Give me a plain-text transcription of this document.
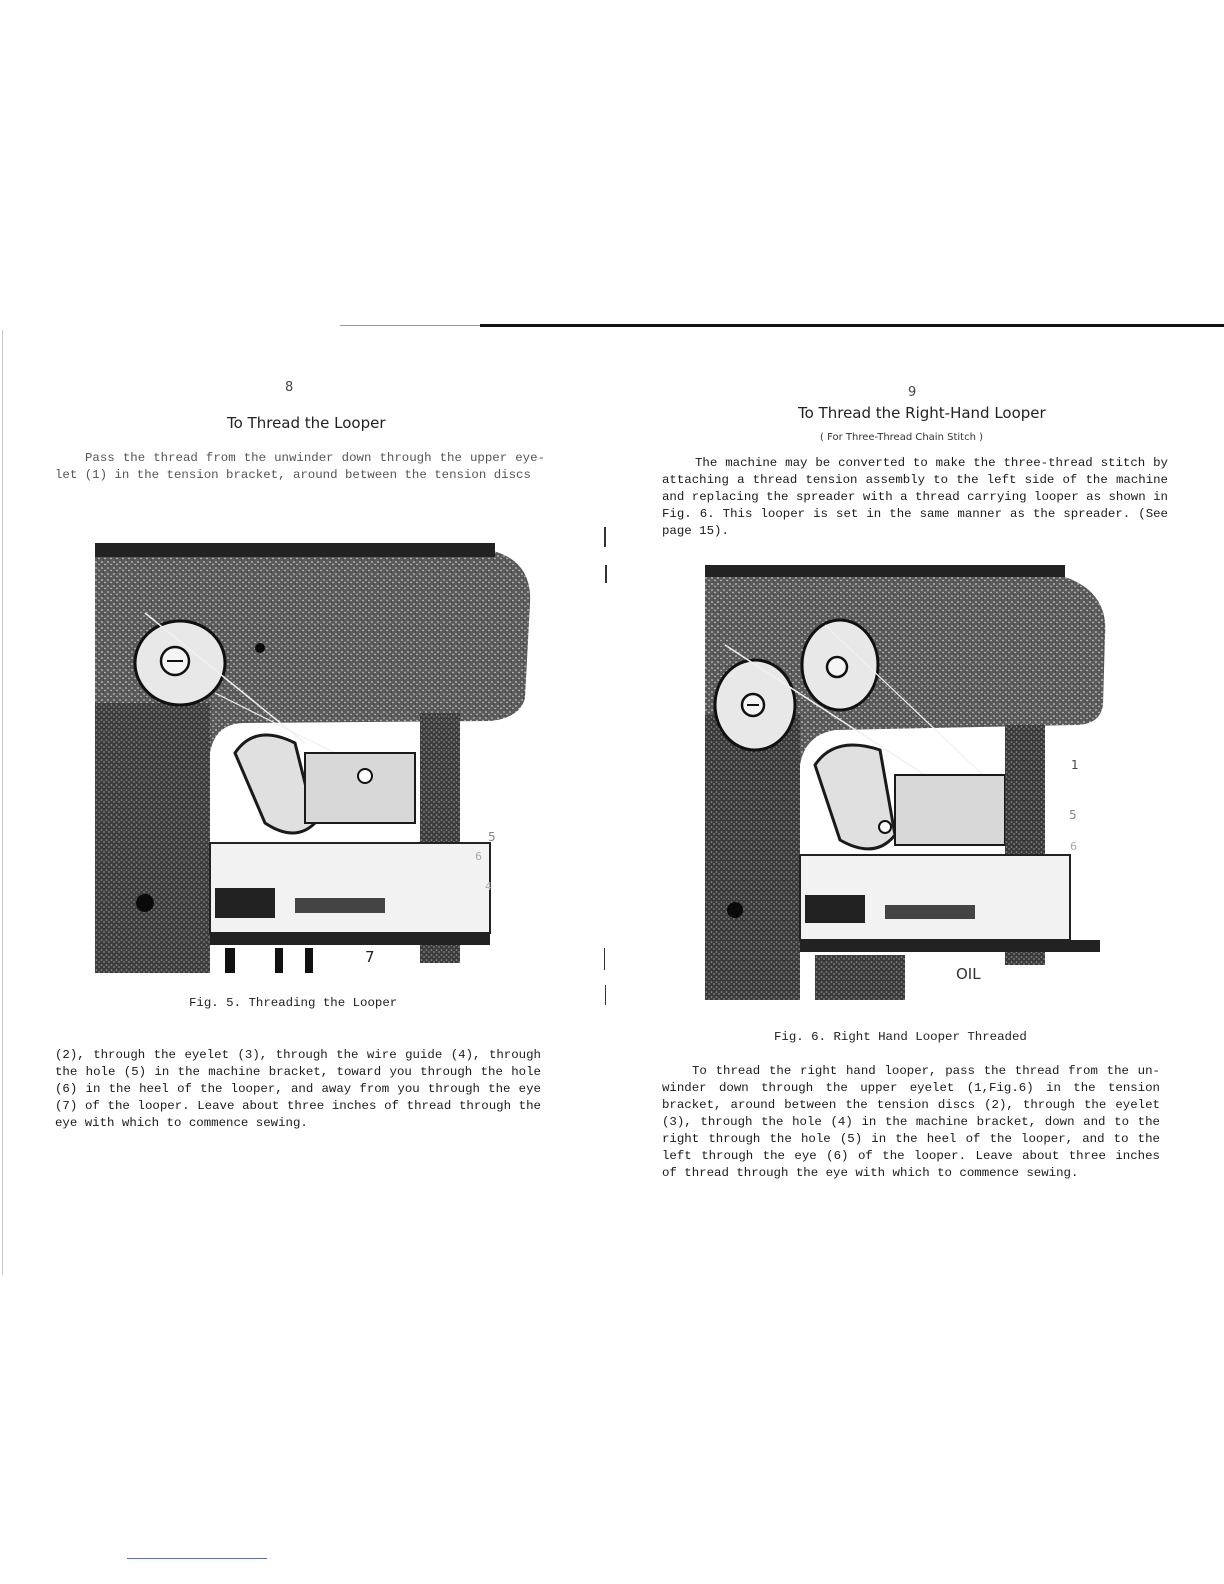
8
To Thread the Looper

Pass the thread from the unwinder down through the upper eye-let (1) in the tension bracket, around between the tension discs

7
5
6
4
Fig. 5. Threading the Looper

(2), through the eyelet (3), through the wire guide (4), through the hole (5) in the machine bracket, toward you through the hole (6) in the heel of the looper, and away from you through the eye (7) of the looper. Leave about three inches of thread through the eye with which to commence sewing.

9
To Thread the Right-Hand Looper
( For Three-Thread Chain Stitch )

The machine may be converted to make the three-thread stitch by attaching a thread tension assembly to the left side of the machine and replacing the spreader with a thread carrying looper as shown in Fig. 6. This looper is set in the same manner as the spreader. (See page 15).

1
5
6
OIL
Fig. 6. Right Hand Looper Threaded

To thread the right hand looper, pass the thread from the un-winder down through the upper eyelet (1,Fig.6) in the tension bracket, around between the tension discs (2), through the eyelet (3), through the hole (4) in the machine bracket, down and to the right through the hole (5) in the heel of the looper, and to the left through the eye (6) of the looper. Leave about three inches of thread through the eye with which to commence sewing.
